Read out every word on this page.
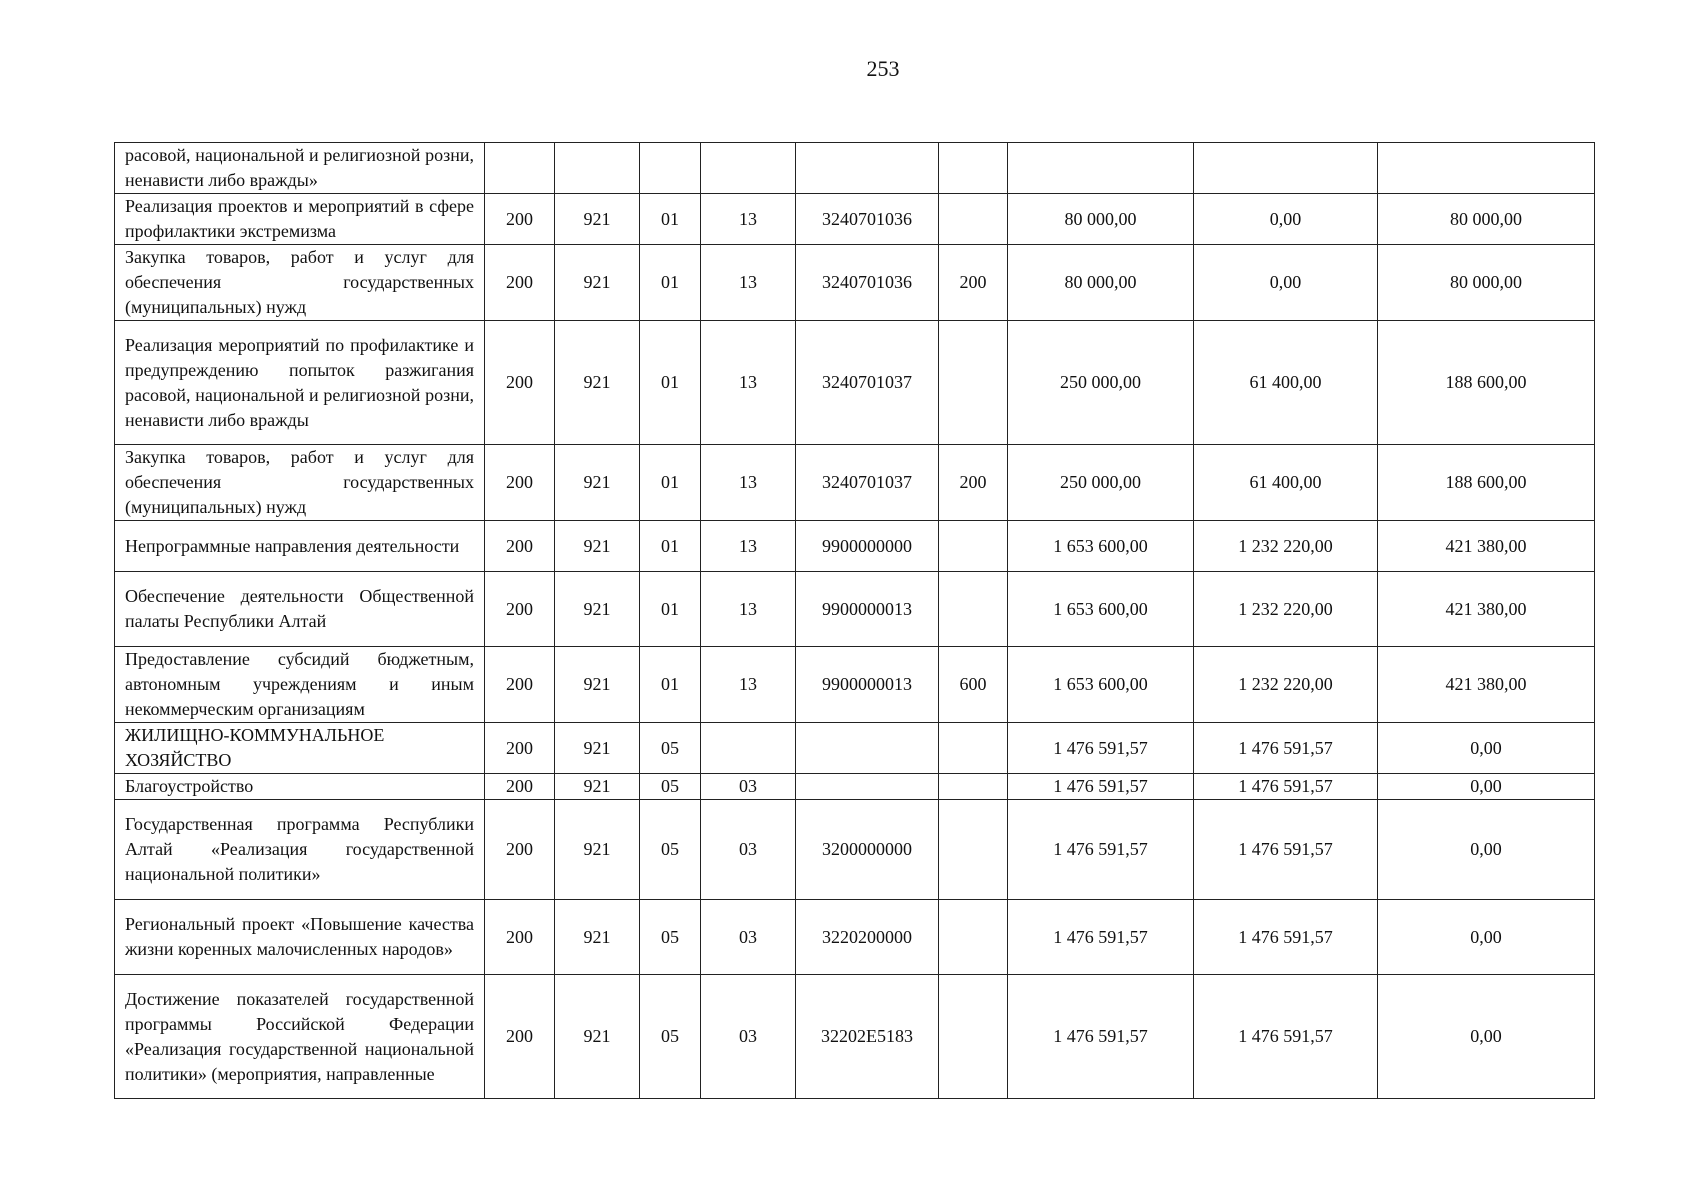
253
расовой, национальной и религиозной розни, ненависти либо вражды»									
Реализация проектов и мероприятий в сфере профилактики экстремизма	200	921	01	13	3240701036		80 000,00	0,00	80 000,00
Закупка товаров, работ и услуг для обеспечения государственных (муниципальных) нужд	200	921	01	13	3240701036	200	80 000,00	0,00	80 000,00
Реализация мероприятий по профилактике и предупреждению попыток разжигания расовой, национальной и религиозной розни, ненависти либо вражды	200	921	01	13	3240701037		250 000,00	61 400,00	188 600,00
Закупка товаров, работ и услуг для обеспечения государственных (муниципальных) нужд	200	921	01	13	3240701037	200	250 000,00	61 400,00	188 600,00
Непрограммные направления деятельности	200	921	01	13	9900000000		1 653 600,00	1 232 220,00	421 380,00
Обеспечение деятельности Общественной палаты Республики Алтай	200	921	01	13	9900000013		1 653 600,00	1 232 220,00	421 380,00
Предоставление субсидий бюджетным, автономным учреждениям и иным некоммерческим организациям	200	921	01	13	9900000013	600	1 653 600,00	1 232 220,00	421 380,00
ЖИЛИЩНО-КОММУНАЛЬНОЕ ХОЗЯЙСТВО	200	921	05				1 476 591,57	1 476 591,57	0,00
Благоустройство	200	921	05	03			1 476 591,57	1 476 591,57	0,00
Государственная программа Республики Алтай «Реализация государственной национальной политики»	200	921	05	03	3200000000		1 476 591,57	1 476 591,57	0,00
Региональный проект «Повышение качества жизни коренных малочисленных народов»	200	921	05	03	3220200000		1 476 591,57	1 476 591,57	0,00
Достижение показателей государственной программы Российской Федерации «Реализация государственной национальной политики» (мероприятия, направленные	200	921	05	03	32202E5183		1 476 591,57	1 476 591,57	0,00
